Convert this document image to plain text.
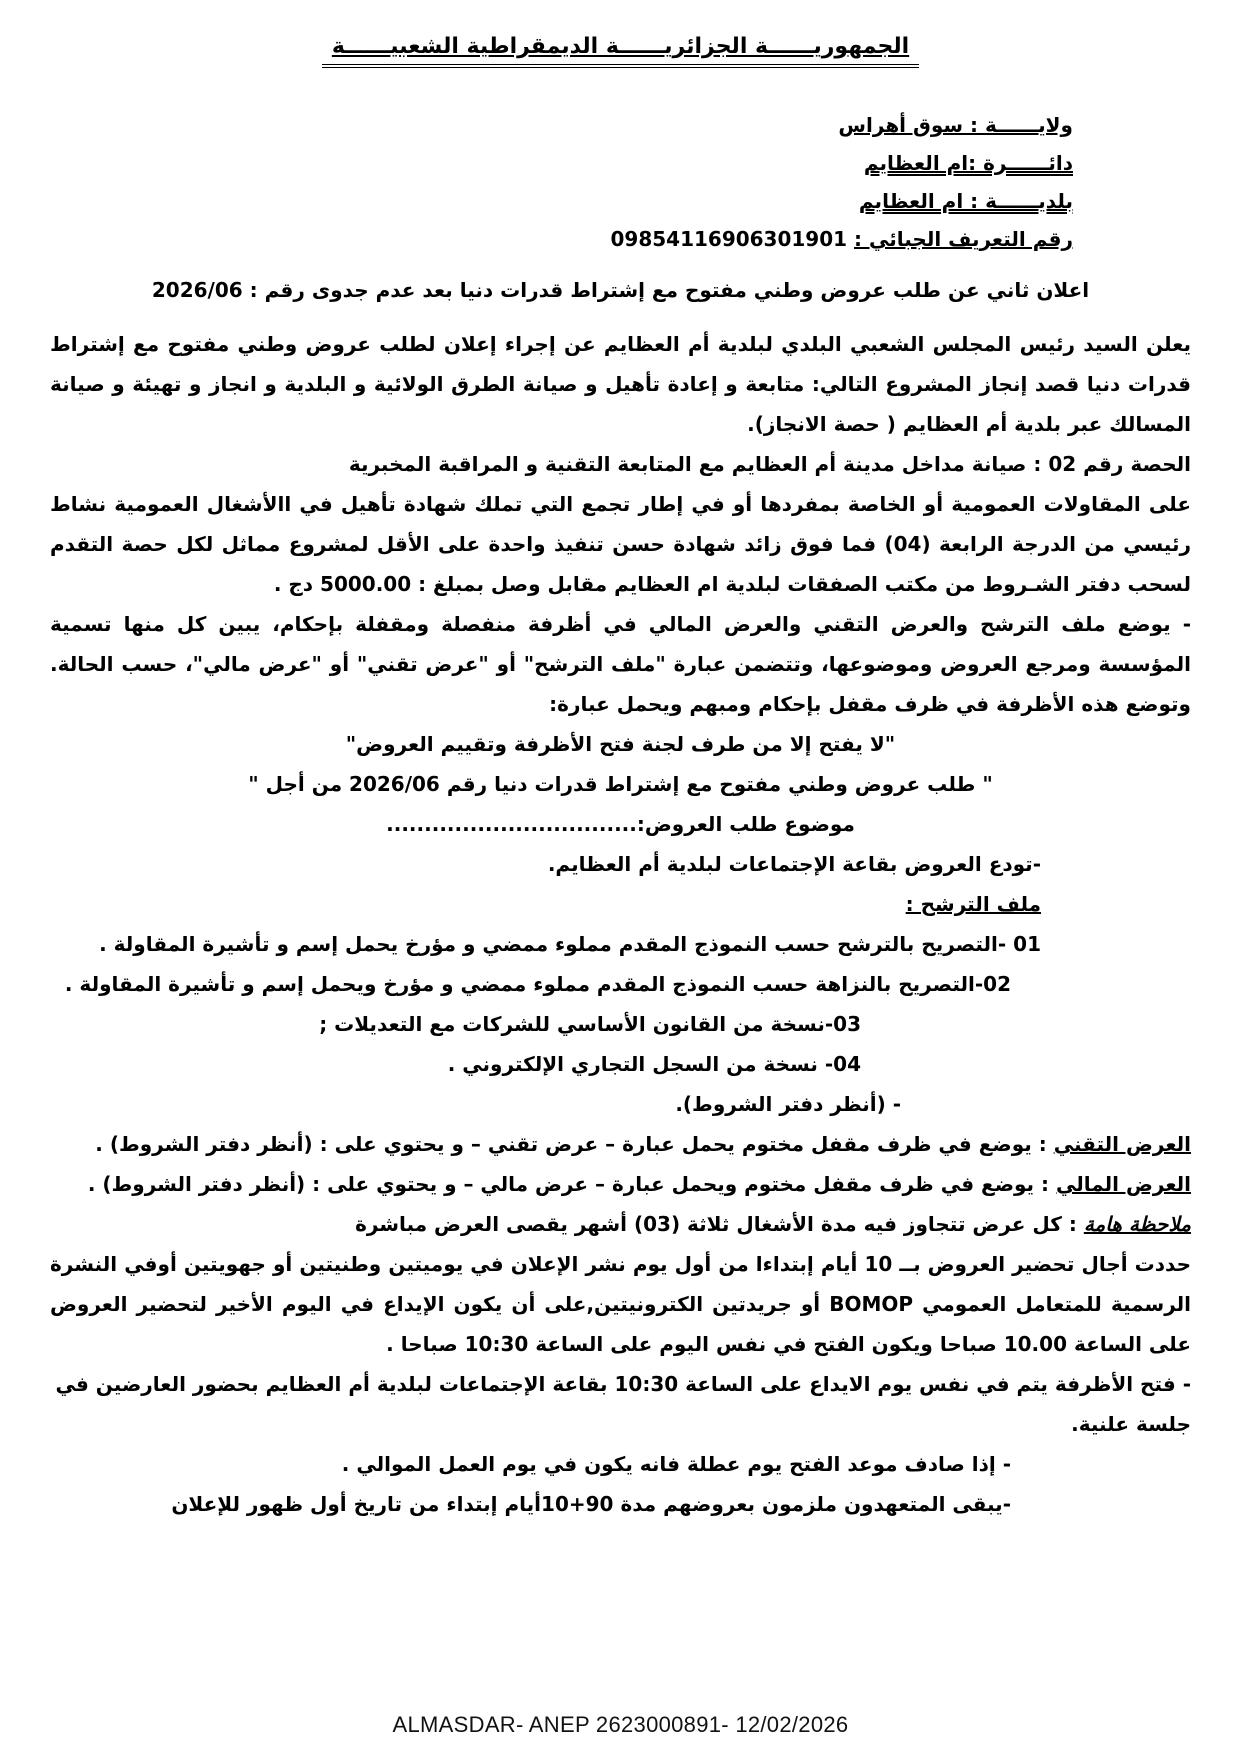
الجمهوريــــــة الجزائريــــــة الديمقراطية الشعبيــــــة
ولايــــــة : سوق أهراس
دائــــــرة :ام العظايم
بلديــــــة : ام العظايم
رقم التعريف الجبائي : 09854116906301901
اعلان ثاني عن طلب عروض وطني مفتوح مع إشتراط قدرات دنيا بعد عدم جدوى رقم : 2026/06
يعلن السيد رئيس المجلس الشعبي البلدي لبلدية أم العظايم عن إجراء إعلان لطلب عروض وطني مفتوح مع إشتراط قدرات دنيا قصد إنجاز المشروع التالي: متابعة و إعادة تأهيل و صيانة الطرق الولائية و البلدية و انجاز و تهيئة و صيانة المسالك عبر بلدية أم العظايم ( حصة الانجاز).
الحصة رقم 02 : صيانة مداخل مدينة أم العظايم مع المتابعة التقنية و المراقبة المخبرية
على المقاولات العمومية أو الخاصة بمفردها أو في إطار تجمع التي تملك شهادة تأهيل في االأشغال العمومية نشاط رئيسي من الدرجة الرابعة (04) فما فوق زائد شهادة حسن تنفيذ واحدة على الأقل لمشروع مماثل لكل حصة التقدم لسحب دفتر الشـروط من مكتب الصفقات لبلدية ام العظايم مقابل وصل بمبلغ : 5000.00 دج .
- يوضع ملف الترشح والعرض التقني والعرض المالي في أظرفة منفصلة ومقفلة بإحكام، يبين كل منها تسمية المؤسسة ومرجع العروض وموضوعها، وتتضمن عبارة "ملف الترشح" أو "عرض تقني" أو "عرض مالي"، حسب الحالة. وتوضع هذه الأظرفة في ظرف مقفل بإحكام ومبهم ويحمل عبارة:
"لا يفتح إلا من طرف لجنة فتح الأظرفة وتقييم العروض"
" طلب عروض وطني مفتوح مع إشتراط قدرات دنيا رقم 2026/06 من أجل "
موضوع طلب العروض:.................................
-تودع العروض بقاعة الإجتماعات لبلدية أم العظايم.
ملف الترشح :
01 -التصريح بالترشح حسب النموذج المقدم مملوء ممضي و مؤرخ يحمل إسم و تأشيرة المقاولة .
02-التصريح بالنزاهة حسب النموذج المقدم مملوء ممضي و مؤرخ ويحمل إسم و تأشيرة المقاولة .
03-نسخة من القانون الأساسي للشركات مع التعديلات ;
04- نسخة من السجل التجاري الإلكتروني .
- (أنظر دفتر الشروط).
العرض التقني : يوضع في ظرف مقفل مختوم يحمل عبارة – عرض تقني – و يحتوي على : (أنظر دفتر الشروط) .
العرض المالي : يوضع في ظرف مقفل مختوم ويحمل عبارة – عرض مالي – و يحتوي على : (أنظر دفتر الشروط) .
ملاحظة هامة : كل عرض تتجاوز فيه مدة الأشغال ثلاثة (03) أشهر يقصى العرض مباشرة
حددت أجال تحضير العروض بــ 10 أيام إبتداءا من أول يوم نشر الإعلان في يوميتين وطنيتين أو جهويتين أوفي النشرة الرسمية للمتعامل العمومي BOMOP أو جريدتين الكترونيتين,على أن يكون الإيداع في اليوم الأخير لتحضير العروض على الساعة 10.00 صباحا ويكون الفتح في نفس اليوم على الساعة 10:30 صباحا .
- فتح الأظرفة يتم في نفس يوم الايداع على الساعة 10:30 بقاعة الإجتماعات لبلدية أم العظايم بحضور العارضين في جلسة علنية.
- إذا صادف موعد الفتح يوم عطلة فانه يكون في يوم العمل الموالي .
-يبقى المتعهدون ملزمون بعروضهم مدة 90+10أيام إبتداء من تاريخ أول ظهور للإعلان
ALMASDAR- ANEP 2623000891- 12/02/2026
